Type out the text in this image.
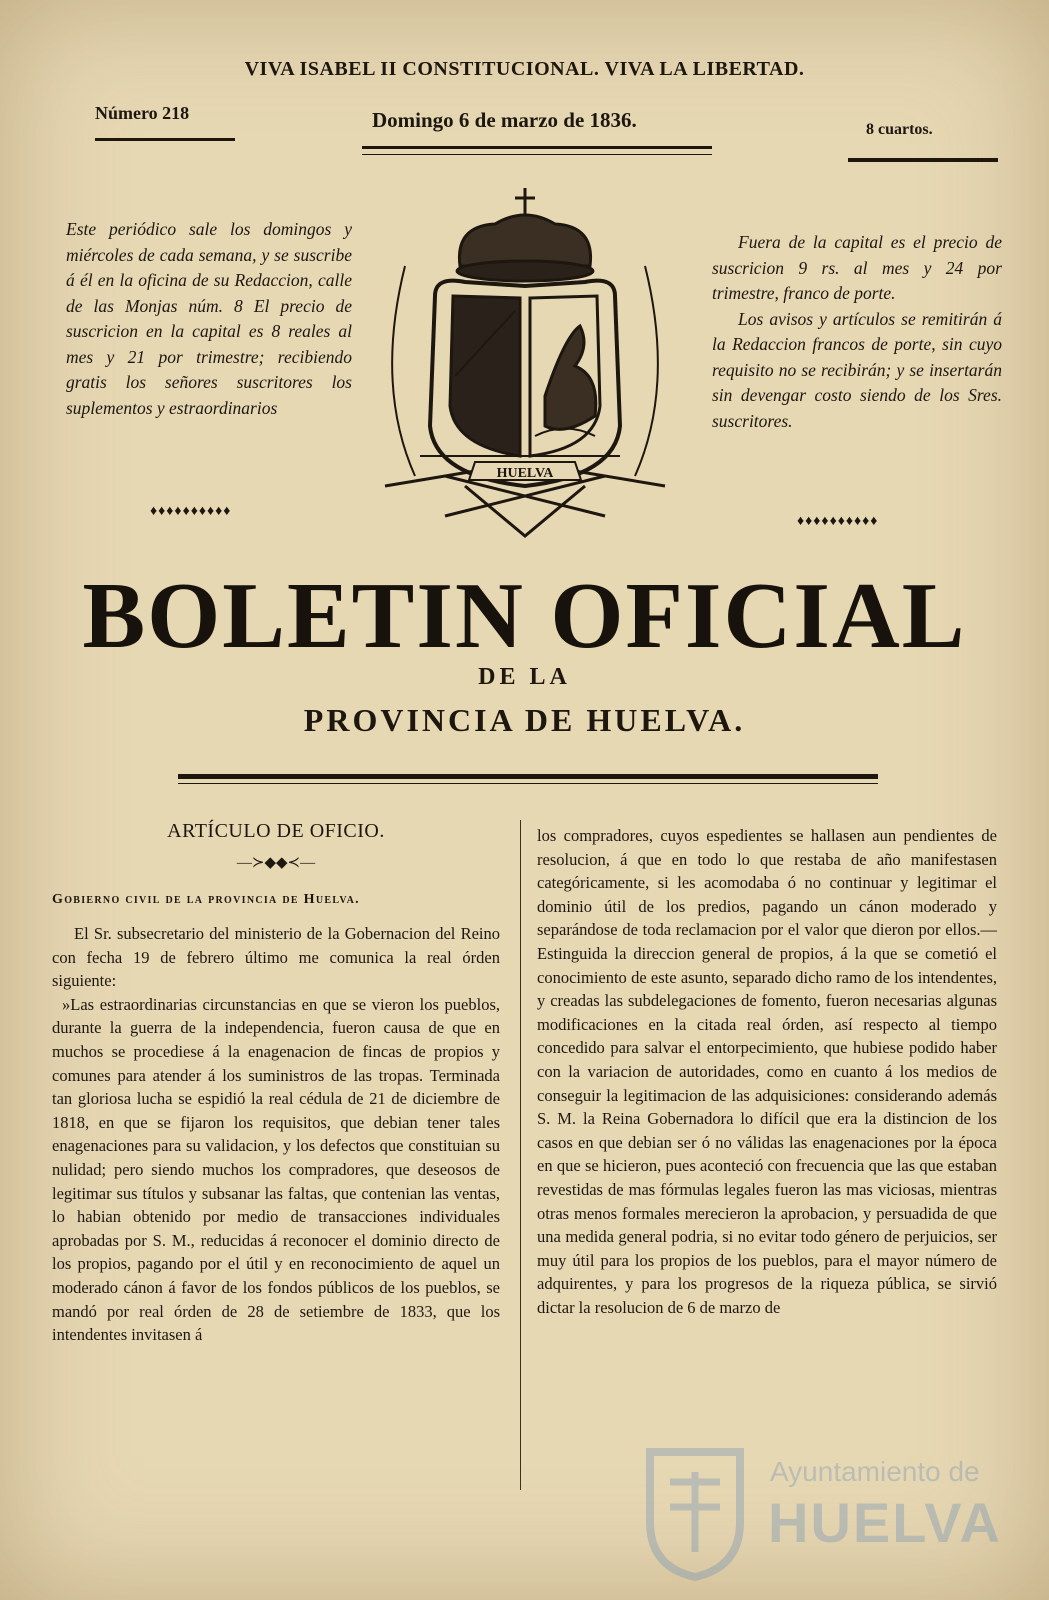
VIVA ISABEL II CONSTITUCIONAL. VIVA LA LIBERTAD.
Número 218	Domingo 6 de marzo de 1836.	8 cuartos.
Este periódico sale los domingos y miércoles de cada semana, y se suscribe á él en la oficina de su Redaccion, calle de las Monjas núm. 8 El precio de suscricion en la capital es 8 reales al mes y 21 por trimestre; recibiendo gratis los señores suscritores los suplementos y estraordinarios
♦♦♦♦♦♦♦♦♦♦

Fuera de la capital es el precio de suscricion 9 rs. al mes y 24 por trimestre, franco de porte.

Los avisos y artículos se remitirán á la Redaccion francos de porte, sin cuyo requisito no se recibirán; y se insertarán sin devengar costo siendo de los Sres. suscritores.

♦♦♦♦♦♦♦♦♦♦
HUELVA
BOLETIN OFICIAL
DE LA
PROVINCIA DE HUELVA.
ARTÍCULO DE OFICIO.
—≻◆◆≺—
Gobierno civil de la provincia de Huelva.

El Sr. subsecretario del ministerio de la Gobernacion del Reino con fecha 19 de febrero último me comunica la real órden siguiente:

»Las estraordinarias circunstancias en que se vieron los pueblos, durante la guerra de la independencia, fueron causa de que en muchos se procediese á la enagenacion de fincas de propios y comunes para atender á los suministros de las tropas. Terminada tan gloriosa lucha se espidió la real cédula de 21 de diciembre de 1818, en que se fijaron los requisitos, que debian tener tales enagenaciones para su validacion, y los defectos que constituian su nulidad; pero siendo muchos los compradores, que deseosos de legitimar sus títulos y subsanar las faltas, que contenian las ventas, lo habian obtenido por medio de transacciones individuales aprobadas por S. M., reducidas á reconocer el dominio directo de los propios, pagando por el útil y en reconocimiento de aquel un moderado cánon á favor de los fondos públicos de los pueblos, se mandó por real órden de 28 de setiembre de 1833, que los intendentes invitasen á

los compradores, cuyos espedientes se hallasen aun pendientes de resolucion, á que en todo lo que restaba de año manifestasen categóricamente, si les acomodaba ó no continuar y legitimar el dominio útil de los predios, pagando un cánon moderado y separándose de toda reclamacion por el valor que dieron por ellos.—Estinguida la direccion general de propios, á la que se cometió el conocimiento de este asunto, separado dicho ramo de los intendentes, y creadas las subdelegaciones de fomento, fueron necesarias algunas modificaciones en la citada real órden, así respecto al tiempo concedido para salvar el entorpecimiento, que hubiese podido haber con la variacion de autoridades, como en cuanto á los medios de conseguir la legitimacion de las adquisiciones: considerando además S. M. la Reina Gobernadora lo difícil que era la distincion de los casos en que debian ser ó no válidas las enagenaciones por la época en que se hicieron, pues aconteció con frecuencia que las que estaban revestidas de mas fórmulas legales fueron las mas viciosas, mientras otras menos formales merecieron la aprobacion, y persuadida de que una medida general podria, si no evitar todo género de perjuicios, ser muy útil para los propios de los pueblos, para el mayor número de adquirentes, y para los progresos de la riqueza pública, se sirvió dictar la resolucion de 6 de marzo de

Ayuntamiento de
HUELVA
